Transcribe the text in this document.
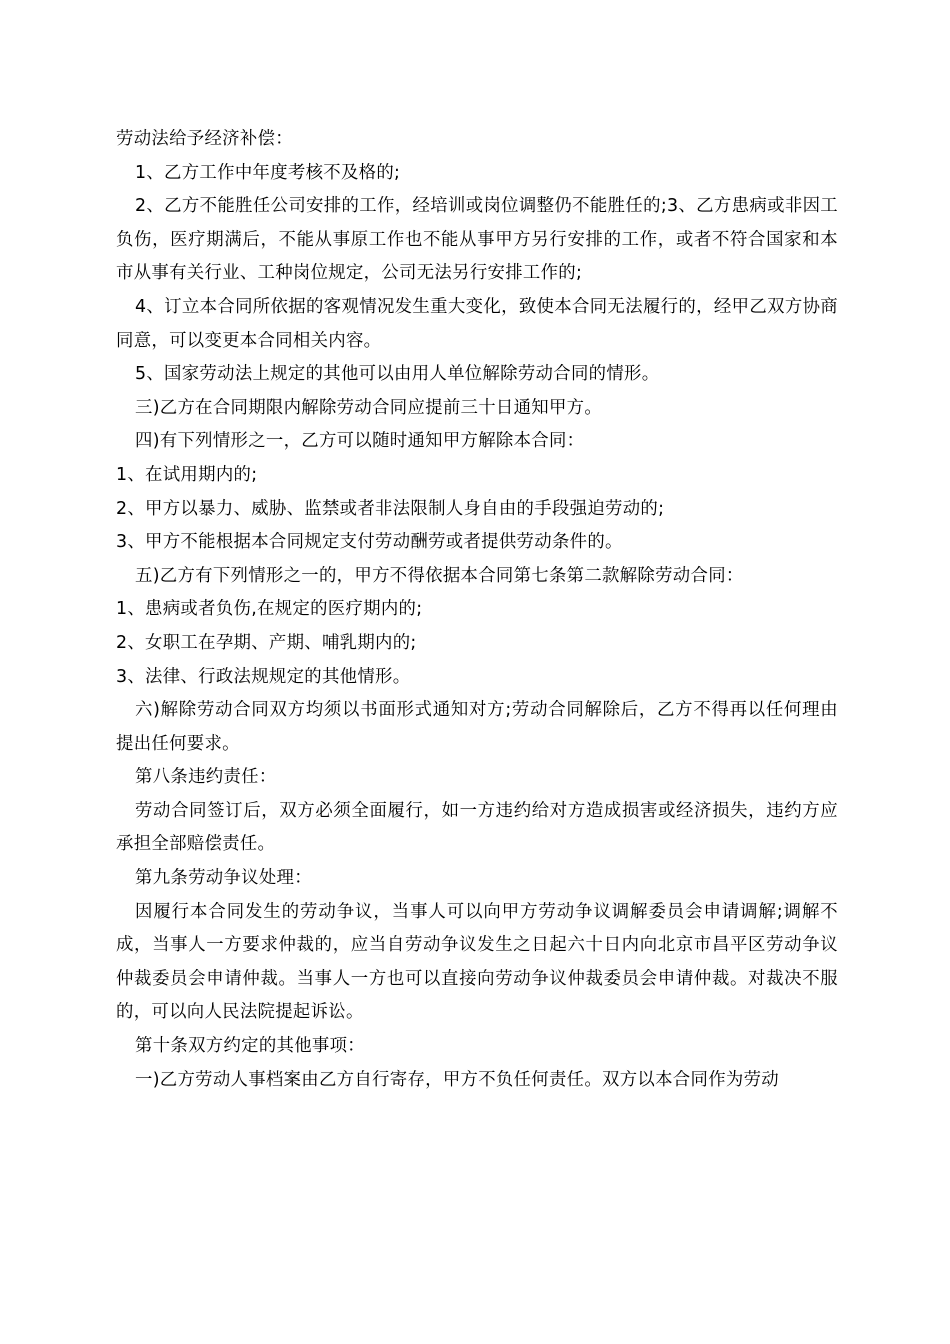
劳动法给予经济补偿：

1、乙方工作中年度考核不及格的;

2、乙方不能胜任公司安排的工作，经培训或岗位调整仍不能胜任的;3、乙方患病或非因工负伤，医疗期满后，不能从事原工作也不能从事甲方另行安排的工作，或者不符合国家和本市从事有关行业、工种岗位规定，公司无法另行安排工作的;

4、订立本合同所依据的客观情况发生重大变化，致使本合同无法履行的，经甲乙双方协商同意，可以变更本合同相关内容。

5、国家劳动法上规定的其他可以由用人单位解除劳动合同的情形。

三)乙方在合同期限内解除劳动合同应提前三十日通知甲方。

四)有下列情形之一，乙方可以随时通知甲方解除本合同：

1、在试用期内的;

2、甲方以暴力、威胁、监禁或者非法限制人身自由的手段强迫劳动的;

3、甲方不能根据本合同规定支付劳动酬劳或者提供劳动条件的。

五)乙方有下列情形之一的，甲方不得依据本合同第七条第二款解除劳动合同：

1、患病或者负伤,在规定的医疗期内的;

2、女职工在孕期、产期、哺乳期内的;

3、法律、行政法规规定的其他情形。

六)解除劳动合同双方均须以书面形式通知对方;劳动合同解除后，乙方不得再以任何理由提出任何要求。

第八条违约责任：

劳动合同签订后，双方必须全面履行，如一方违约给对方造成损害或经济损失，违约方应承担全部赔偿责任。

第九条劳动争议处理：

因履行本合同发生的劳动争议，当事人可以向甲方劳动争议调解委员会申请调解;调解不成，当事人一方要求仲裁的，应当自劳动争议发生之日起六十日内向北京市昌平区劳动争议仲裁委员会申请仲裁。当事人一方也可以直接向劳动争议仲裁委员会申请仲裁。对裁决不服的，可以向人民法院提起诉讼。

第十条双方约定的其他事项：

一)乙方劳动人事档案由乙方自行寄存，甲方不负任何责任。双方以本合同作为劳动
